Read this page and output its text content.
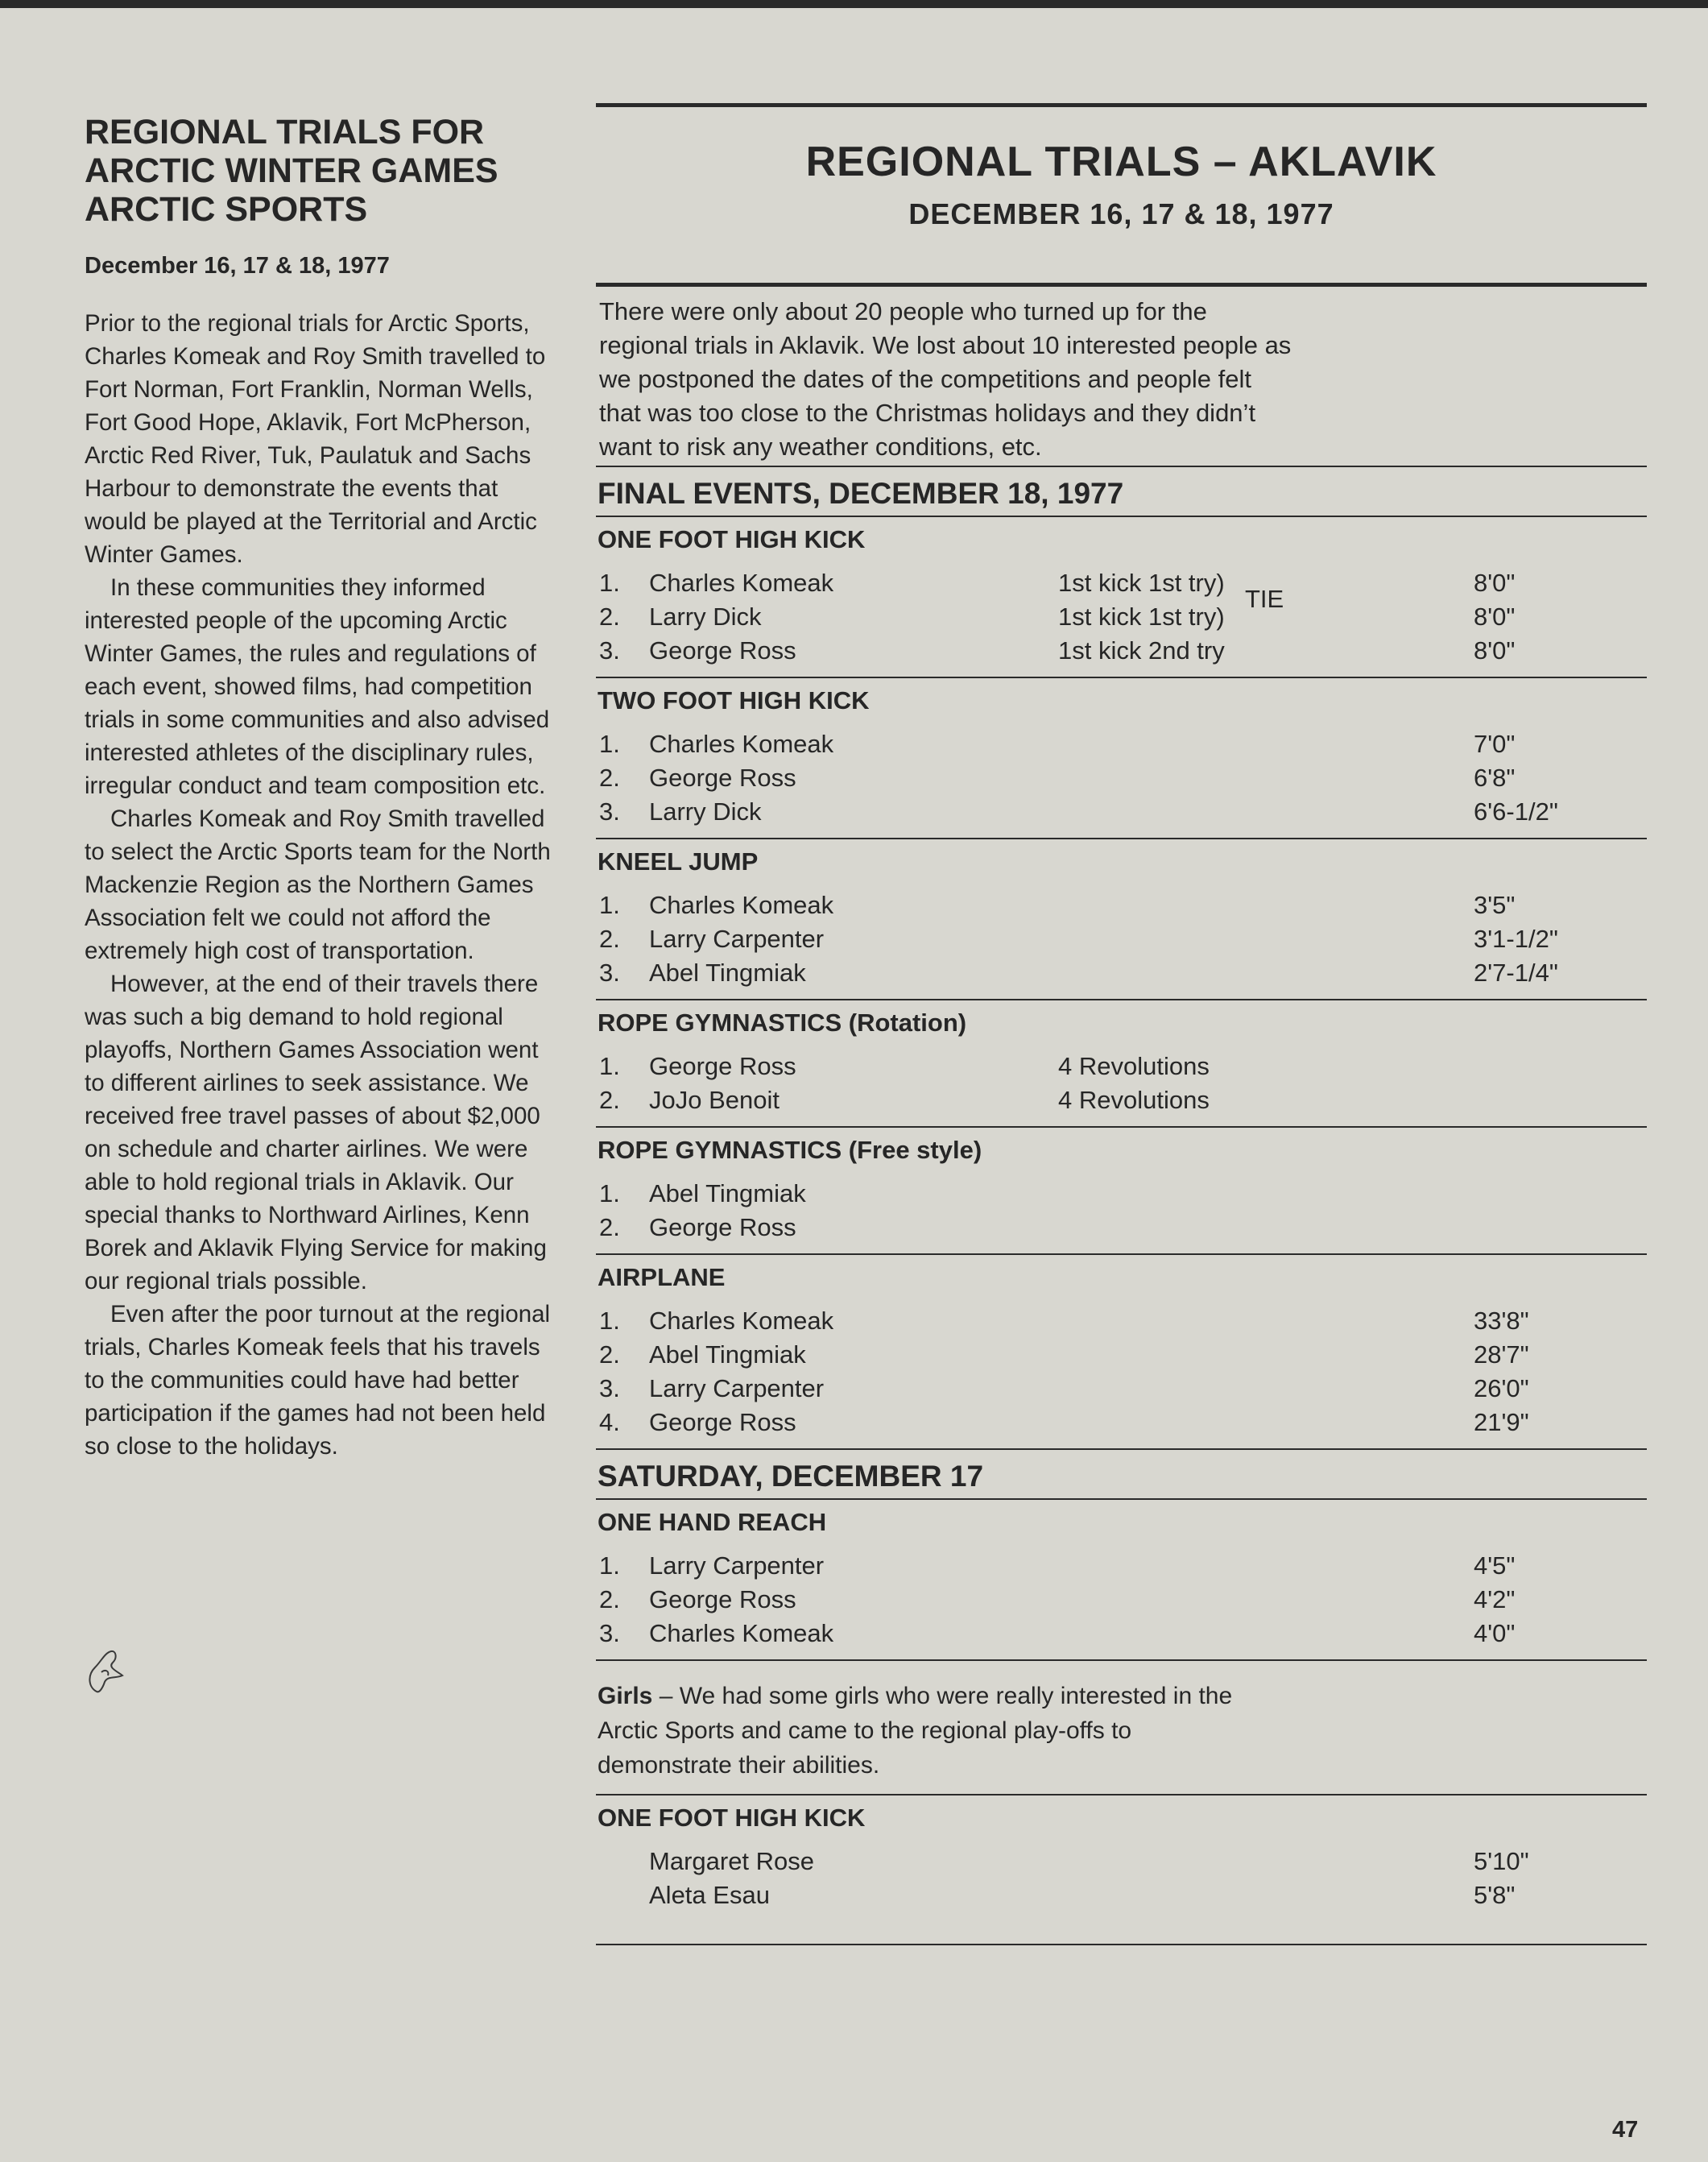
REGIONAL TRIALS FOR
ARCTIC WINTER GAMES
ARCTIC SPORTS
December 16, 17 & 18, 1977

Prior to the regional trials for Arctic Sports, Charles Komeak and Roy Smith travelled to Fort Norman, Fort Franklin, Norman Wells, Fort Good Hope, Aklavik, Fort McPherson, Arctic Red River, Tuk, Paulatuk and Sachs Harbour to demonstrate the events that would be played at the Territorial and Arctic Winter Games.

In these communities they informed interested people of the upcoming Arctic Winter Games, the rules and regulations of each event, showed films, had competition trials in some communities and also advised interested athletes of the disciplinary rules, irregular conduct and team composition etc.

Charles Komeak and Roy Smith travelled to select the Arctic Sports team for the North Mackenzie Region as the Northern Games Association felt we could not afford the extremely high cost of transportation.

However, at the end of their travels there was such a big demand to hold regional playoffs, Northern Games Association went to different airlines to seek assistance. We received free travel passes of about $2,000 on schedule and charter airlines. We were able to hold regional trials in Aklavik. Our special thanks to Northward Airlines, Kenn Borek and Aklavik Flying Service for making our regional trials possible.

Even after the poor turnout at the regional trials, Charles Komeak feels that his travels to the communities could have had better participation if the games had not been held so close to the holidays.

REGIONAL TRIALS – AKLAVIK
DECEMBER 16, 17 & 18, 1977
There were only about 20 people who turned up for the
regional trials in Aklavik. We lost about 10 interested people as
we postponed the dates of the competitions and people felt
that was too close to the Christmas holidays and they didn’t
want to risk any weather conditions, etc.
FINAL EVENTS, DECEMBER 18, 1977
ONE FOOT HIGH KICK
1.	Charles Komeak	1st kick 1st try)	8'0"
TIE
2.	Larry Dick	1st kick 1st try)	8'0"
3.	George Ross	1st kick 2nd try	8'0"
TWO FOOT HIGH KICK
1.	Charles Komeak	7'0"
2.	George Ross	6'8"
3.	Larry Dick	6'6-1/2"
KNEEL JUMP
1.	Charles Komeak	3'5"
2.	Larry Carpenter	3'1-1/2"
3.	Abel Tingmiak	2'7-1/4"
ROPE GYMNASTICS (Rotation)
1.	George Ross	4 Revolutions
2.	JoJo Benoit	4 Revolutions
ROPE GYMNASTICS (Free style)
1.	Abel Tingmiak
2.	George Ross
AIRPLANE
1.	Charles Komeak	33'8"
2.	Abel Tingmiak	28'7"
3.	Larry Carpenter	26'0"
4.	George Ross	21'9"
SATURDAY, DECEMBER 17
ONE HAND REACH
1.	Larry Carpenter	4'5"
2.	George Ross	4'2"
3.	Charles Komeak	4'0"
Girls – We had some girls who were really interested in the
Arctic Sports and came to the regional play-offs to
demonstrate their abilities.
ONE FOOT HIGH KICK
Margaret Rose	5'10"
Aleta Esau	5'8"
47
